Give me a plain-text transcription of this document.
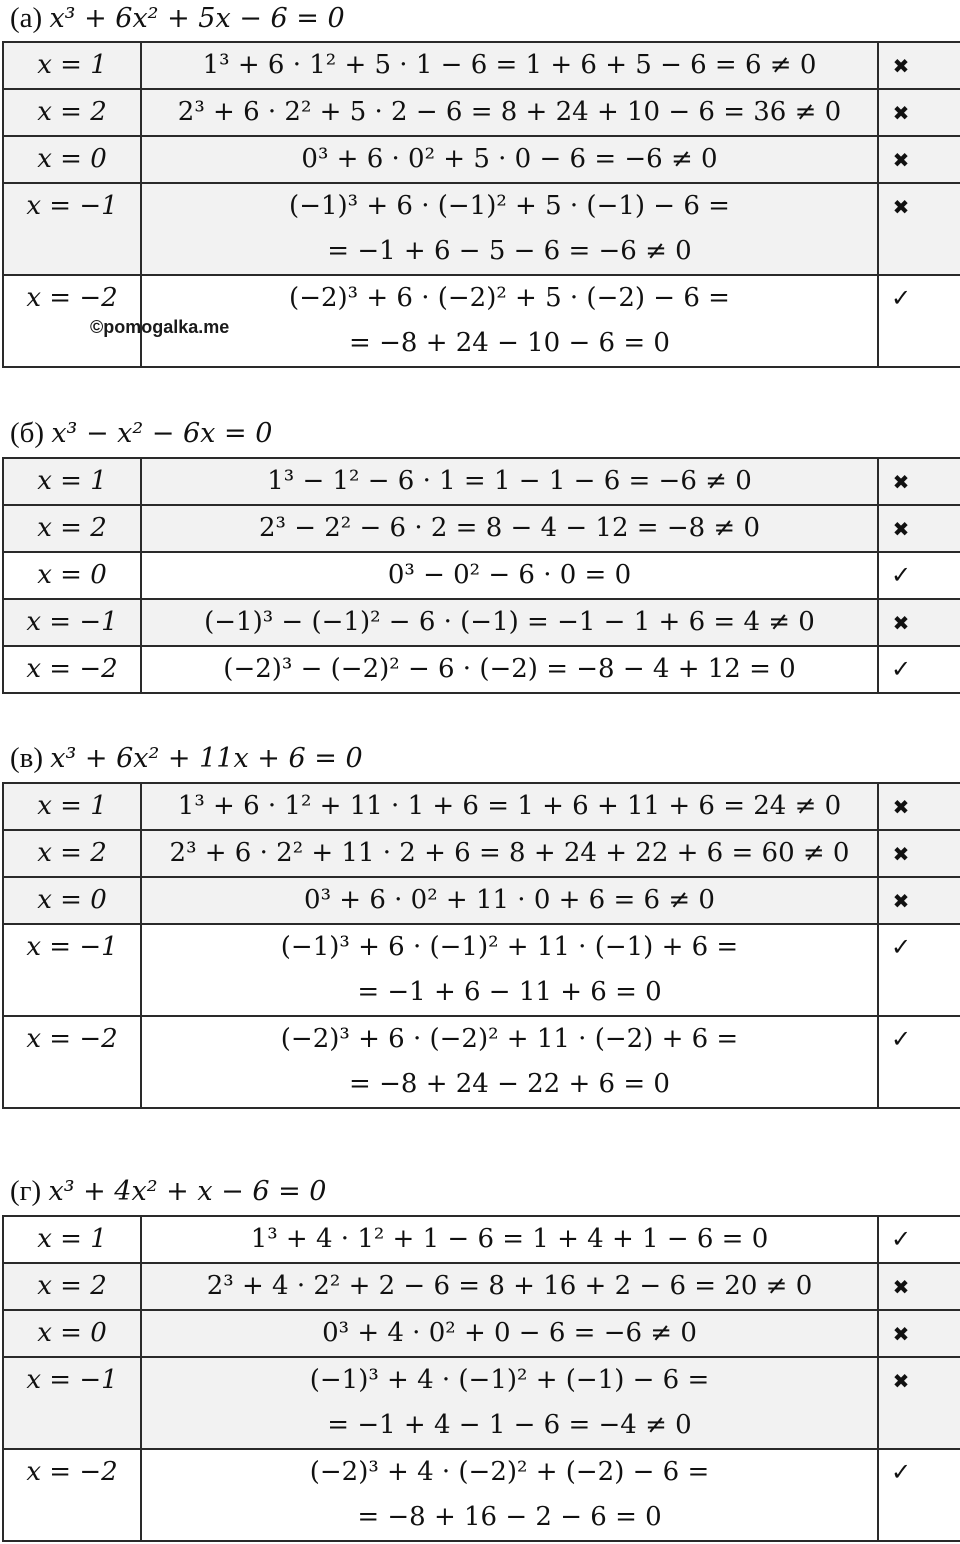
(а) x³ + 6x² + 5x − 6 = 0
x = 1	1³ + 6 · 1² + 5 · 1 − 6 = 1 + 6 + 5 − 6 = 6 ≠ 0	✖
x = 2	2³ + 6 · 2² + 5 · 2 − 6 = 8 + 24 + 10 − 6 = 36 ≠ 0	✖
x = 0	0³ + 6 · 0² + 5 · 0 − 6 = −6 ≠ 0	✖
x = −1	(−1)³ + 6 · (−1)² + 5 · (−1) − 6 =
= −1 + 6 − 5 − 6 = −6 ≠ 0	✖
x = −2	(−2)³ + 6 · (−2)² + 5 · (−2) − 6 =
= −8 + 24 − 10 − 6 = 0	✓
©pomogalka.me
(б) x³ − x² − 6x = 0
x = 1	1³ − 1² − 6 · 1 = 1 − 1 − 6 = −6 ≠ 0	✖
x = 2	2³ − 2² − 6 · 2 = 8 − 4 − 12 = −8 ≠ 0	✖
x = 0	0³ − 0² − 6 · 0 = 0	✓
x = −1	(−1)³ − (−1)² − 6 · (−1) = −1 − 1 + 6 = 4 ≠ 0	✖
x = −2	(−2)³ − (−2)² − 6 · (−2) = −8 − 4 + 12 = 0	✓
(в) x³ + 6x² + 11x + 6 = 0
x = 1	1³ + 6 · 1² + 11 · 1 + 6 = 1 + 6 + 11 + 6 = 24 ≠ 0	✖
x = 2	2³ + 6 · 2² + 11 · 2 + 6 = 8 + 24 + 22 + 6 = 60 ≠ 0	✖
x = 0	0³ + 6 · 0² + 11 · 0 + 6 = 6 ≠ 0	✖
x = −1	(−1)³ + 6 · (−1)² + 11 · (−1) + 6 =
= −1 + 6 − 11 + 6 = 0	✓
x = −2	(−2)³ + 6 · (−2)² + 11 · (−2) + 6 =
= −8 + 24 − 22 + 6 = 0	✓
(г) x³ + 4x² + x − 6 = 0
x = 1	1³ + 4 · 1² + 1 − 6 = 1 + 4 + 1 − 6 = 0	✓
x = 2	2³ + 4 · 2² + 2 − 6 = 8 + 16 + 2 − 6 = 20 ≠ 0	✖
x = 0	0³ + 4 · 0² + 0 − 6 = −6 ≠ 0	✖
x = −1	(−1)³ + 4 · (−1)² + (−1) − 6 =
= −1 + 4 − 1 − 6 = −4 ≠ 0	✖
x = −2	(−2)³ + 4 · (−2)² + (−2) − 6 =
= −8 + 16 − 2 − 6 = 0	✓
